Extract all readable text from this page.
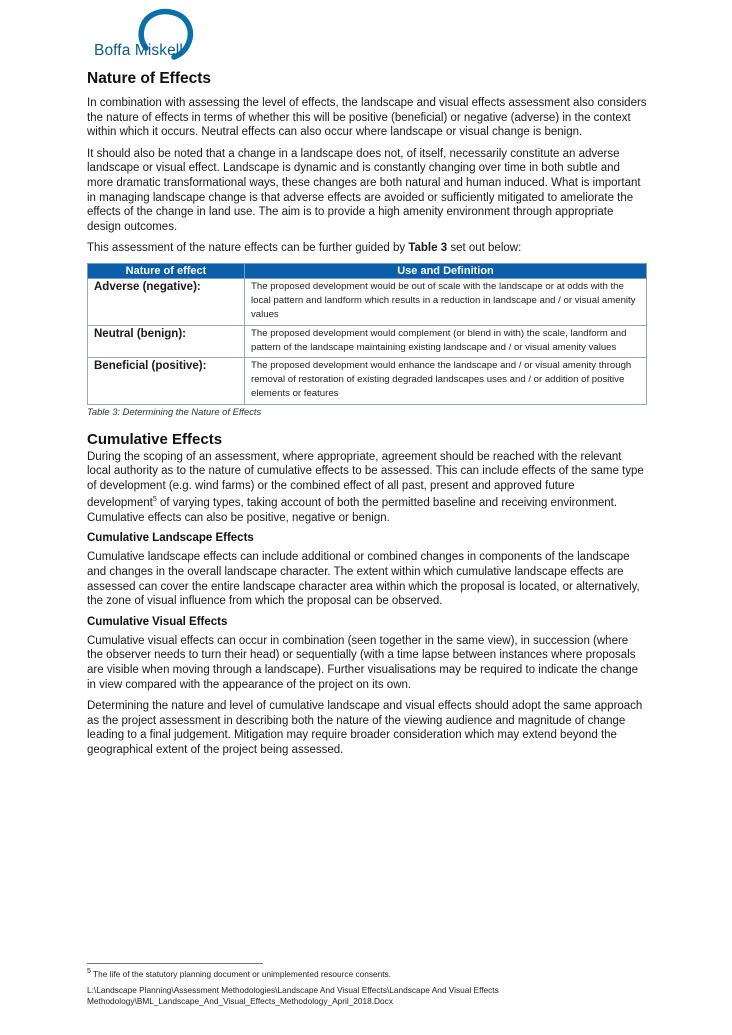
Boffa Miskell
Nature of Effects

In combination with assessing the level of effects, the landscape and visual effects assessment also considers the nature of effects in terms of whether this will be positive (beneficial) or negative (adverse) in the context within which it occurs. Neutral effects can also occur where landscape or visual change is benign.

It should also be noted that a change in a landscape does not, of itself, necessarily constitute an adverse landscape or visual effect. Landscape is dynamic and is constantly changing over time in both subtle and more dramatic transformational ways, these changes are both natural and human induced. What is important in managing landscape change is that adverse effects are avoided or sufficiently mitigated to ameliorate the effects of the change in land use. The aim is to provide a high amenity environment through appropriate design outcomes.

This assessment of the nature effects can be further guided by Table 3 set out below:

Nature of effect	Use and Definition
Adverse (negative):	The proposed development would be out of scale with the landscape or at odds with the local pattern and landform which results in a reduction in landscape and / or visual amenity values
Neutral (benign):	The proposed development would complement (or blend in with) the scale, landform and pattern of the landscape maintaining existing landscape and / or visual amenity values
Beneficial (positive):	The proposed development would enhance the landscape and / or visual amenity through removal of restoration of existing degraded landscapes uses and / or addition of positive elements or features
Table 3: Determining the Nature of Effects
Cumulative Effects

During the scoping of an assessment, where appropriate, agreement should be reached with the relevant local authority as to the nature of cumulative effects to be assessed. This can include effects of the same type of development (e.g. wind farms) or the combined effect of all past, present and approved future development$^5$ of varying types, taking account of both the permitted baseline and receiving environment. Cumulative effects can also be positive, negative or benign.

Cumulative Landscape Effects

Cumulative landscape effects can include additional or combined changes in components of the landscape and changes in the overall landscape character. The extent within which cumulative landscape effects are assessed can cover the entire landscape character area within which the proposal is located, or alternatively, the zone of visual influence from which the proposal can be observed.

Cumulative Visual Effects

Cumulative visual effects can occur in combination (seen together in the same view), in succession (where the observer needs to turn their head) or sequentially (with a time lapse between instances where proposals are visible when moving through a landscape). Further visualisations may be required to indicate the change in view compared with the appearance of the project on its own.

Determining the nature and level of cumulative landscape and visual effects should adopt the same approach as the project assessment in describing both the nature of the viewing audience and magnitude of change leading to a final judgement. Mitigation may require broader consideration which may extend beyond the geographical extent of the project being assessed.

$^5$ The life of the statutory planning document or unimplemented resource consents.
L:\Landscape Planning\Assessment Methodologies\Landscape And Visual Effects\Landscape And Visual Effects
Methodology\BML_Landscape_And_Visual_Effects_Methodology_April_2018.Docx
